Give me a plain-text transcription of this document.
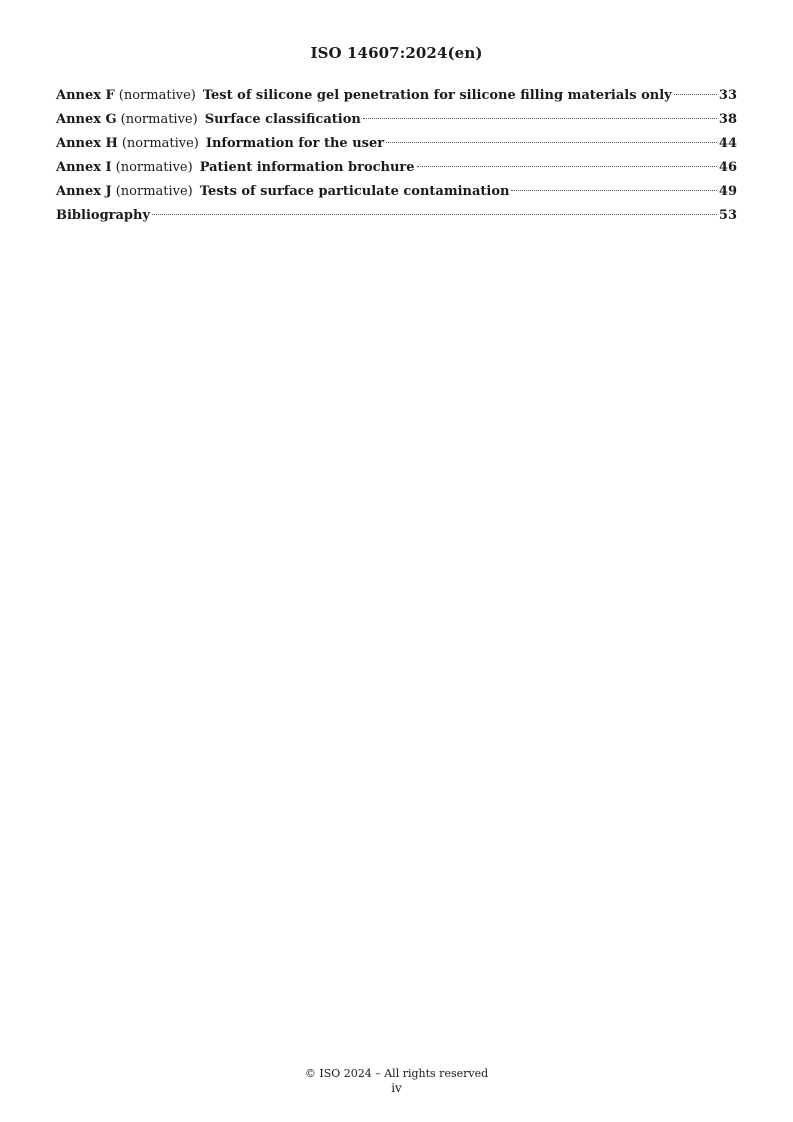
ISO 14607:2024(en)
Annex F (normative) Test of silicone gel penetration for silicone filling materials only	33
Annex G (normative) Surface classification	38
Annex H (normative) Information for the user	44
Annex I (normative) Patient information brochure	46
Annex J (normative) Tests of surface particulate contamination	49
Bibliography	53
© ISO 2024 – All rights reserved
iv
